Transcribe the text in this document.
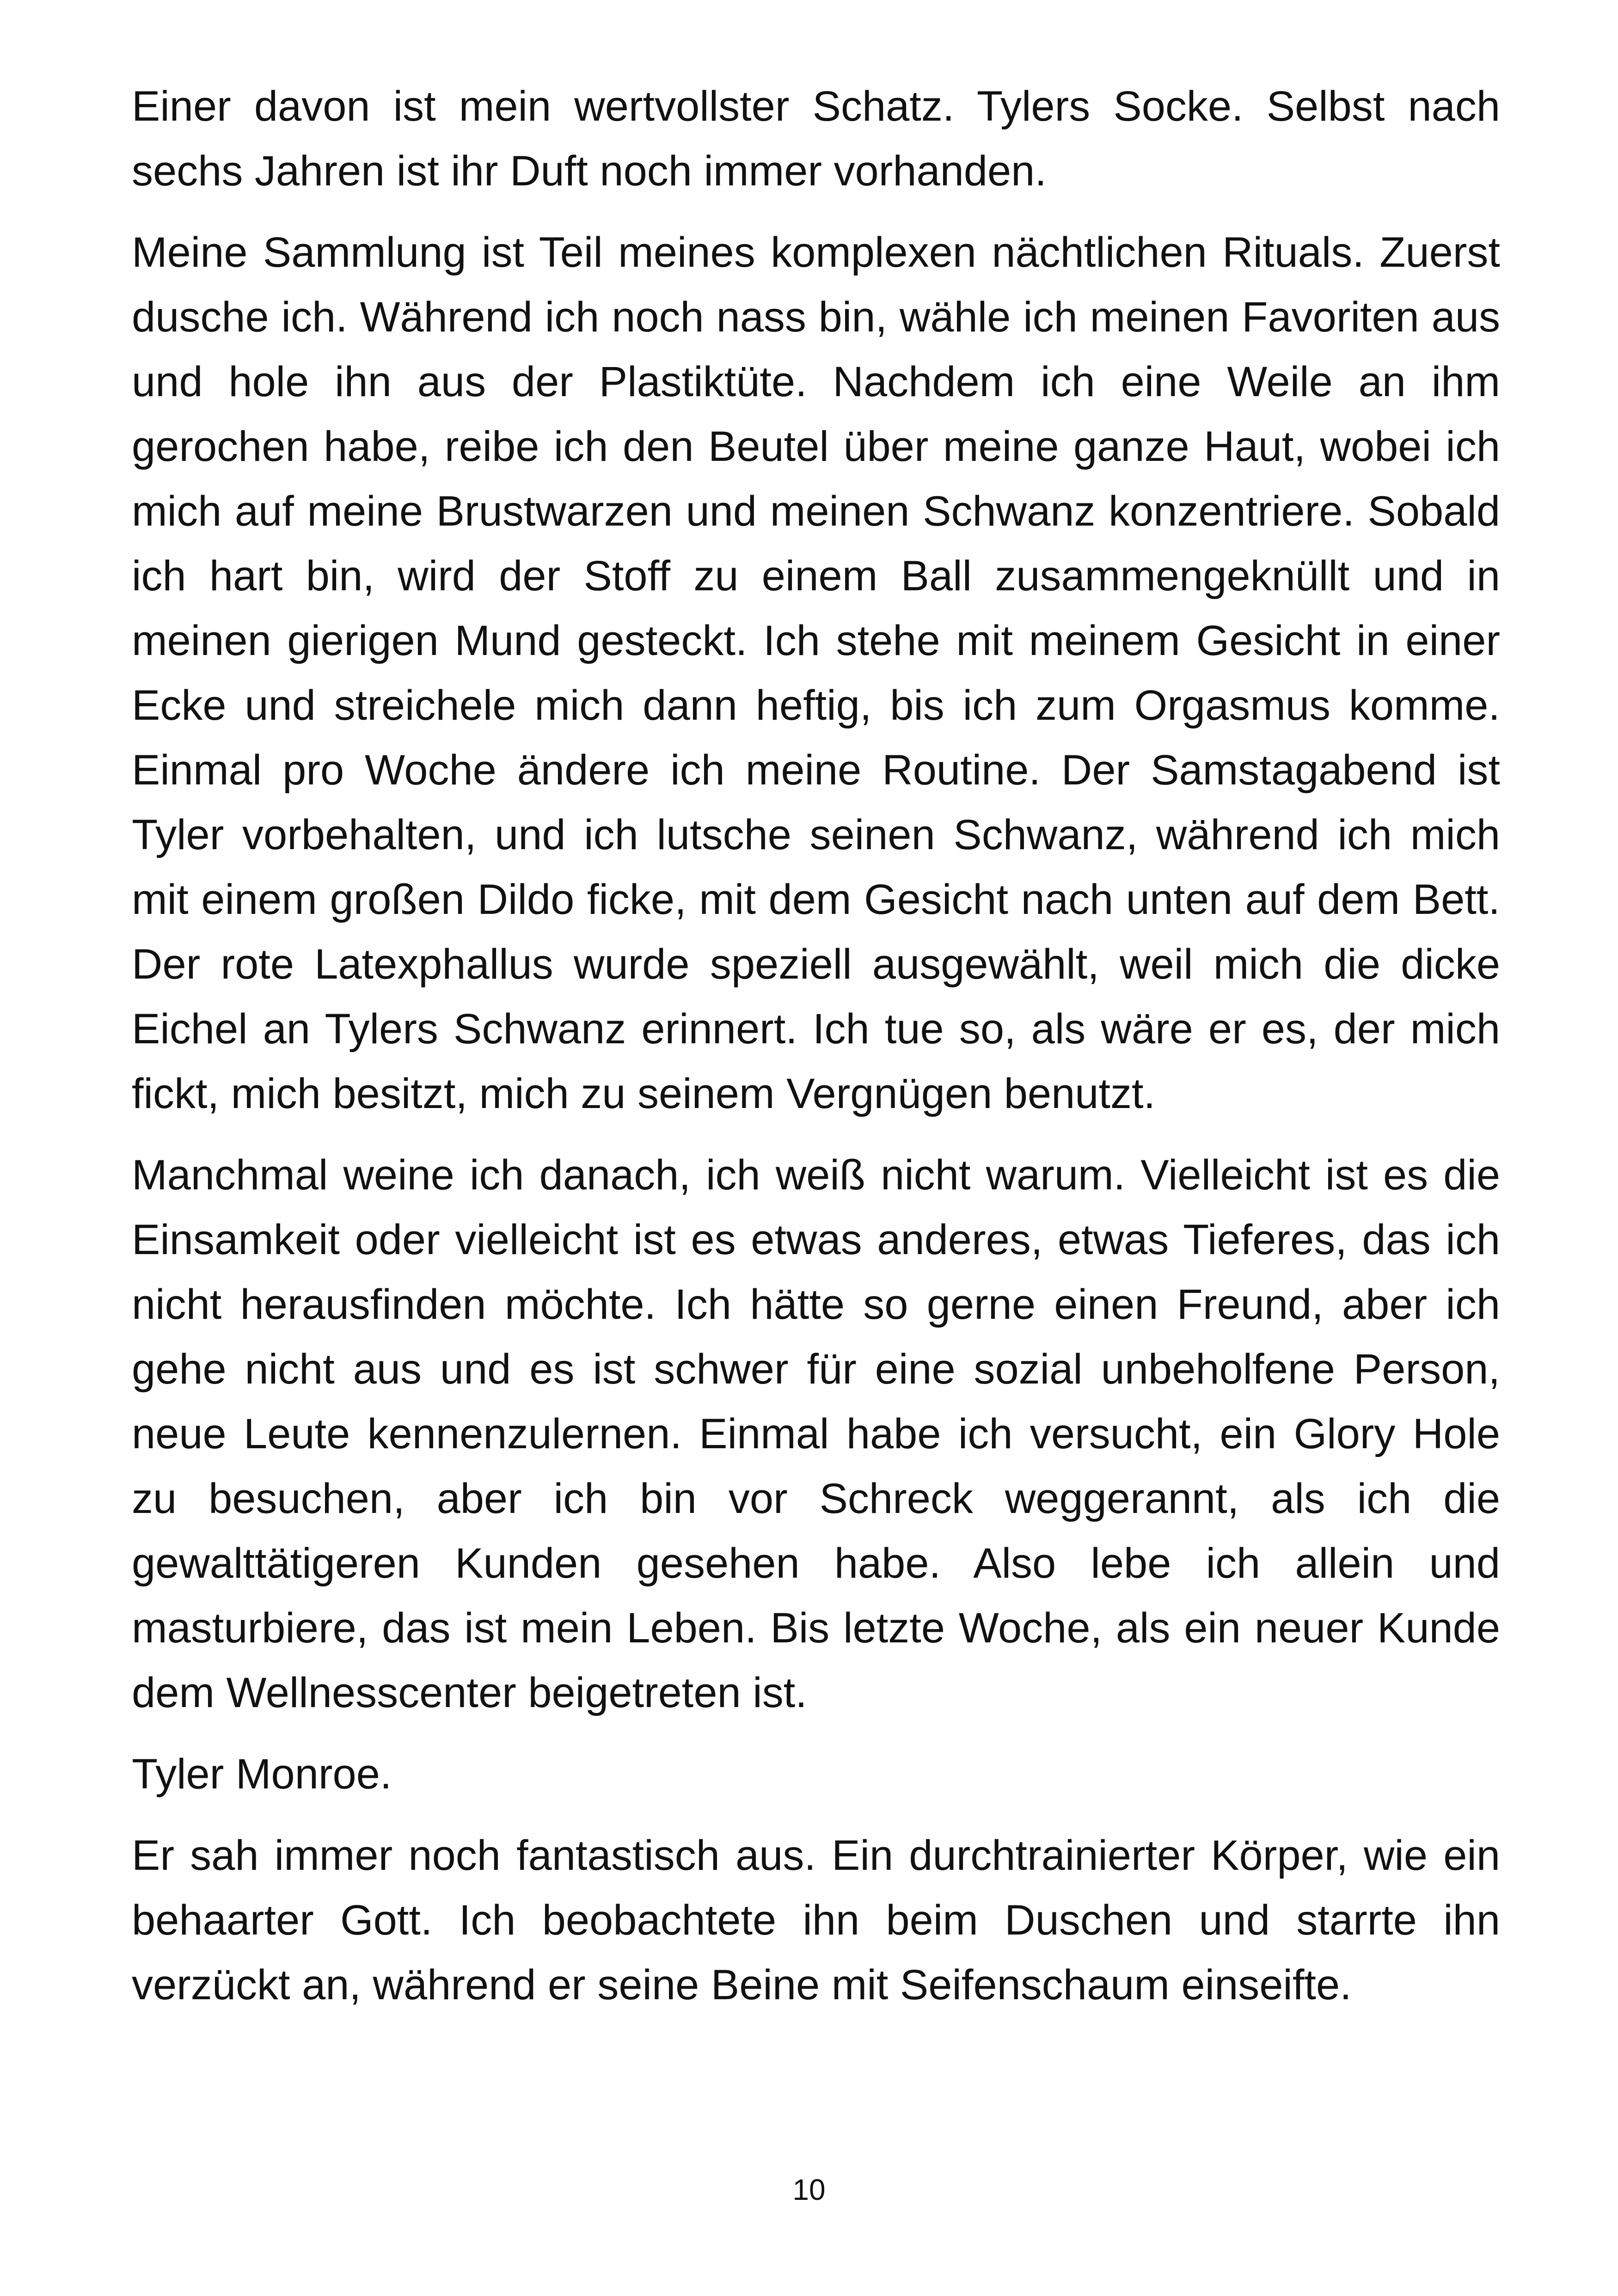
Einer davon ist mein wertvollster Schatz. Tylers Socke. Selbst nach sechs Jahren ist ihr Duft noch immer vorhanden.

Meine Sammlung ist Teil meines komplexen nächtlichen Rituals. Zuerst dusche ich. Während ich noch nass bin, wähle ich meinen Favoriten aus und hole ihn aus der Plastiktüte. Nachdem ich eine Weile an ihm gerochen habe, reibe ich den Beutel über meine ganze Haut, wobei ich mich auf meine Brustwarzen und meinen Schwanz konzentriere. Sobald ich hart bin, wird der Stoff zu einem Ball zusammengeknüllt und in meinen gierigen Mund gesteckt. Ich stehe mit meinem Gesicht in einer Ecke und streichele mich dann heftig, bis ich zum Orgasmus komme. Einmal pro Woche ändere ich meine Routine. Der Samstagabend ist Tyler vorbehalten, und ich lutsche seinen Schwanz, während ich mich mit einem großen Dildo ficke, mit dem Gesicht nach unten auf dem Bett. Der rote Latexphallus wurde speziell ausgewählt, weil mich die dicke Eichel an Tylers Schwanz erinnert. Ich tue so, als wäre er es, der mich fickt, mich besitzt, mich zu seinem Vergnügen benutzt.

Manchmal weine ich danach, ich weiß nicht warum. Vielleicht ist es die Einsamkeit oder vielleicht ist es etwas anderes, etwas Tieferes, das ich nicht herausfinden möchte. Ich hätte so gerne einen Freund, aber ich gehe nicht aus und es ist schwer für eine sozial unbeholfene Person, neue Leute kennenzulernen. Einmal habe ich versucht, ein Glory Hole zu besuchen, aber ich bin vor Schreck weggerannt, als ich die gewalttätigeren Kunden gesehen habe. Also lebe ich allein und masturbiere, das ist mein Leben. Bis letzte Woche, als ein neuer Kunde dem Wellnesscenter beigetreten ist.

Tyler Monroe.

Er sah immer noch fantastisch aus. Ein durchtrainierter Körper, wie ein behaarter Gott. Ich beobachtete ihn beim Duschen und starrte ihn verzückt an, während er seine Beine mit Seifenschaum einseifte.

10
